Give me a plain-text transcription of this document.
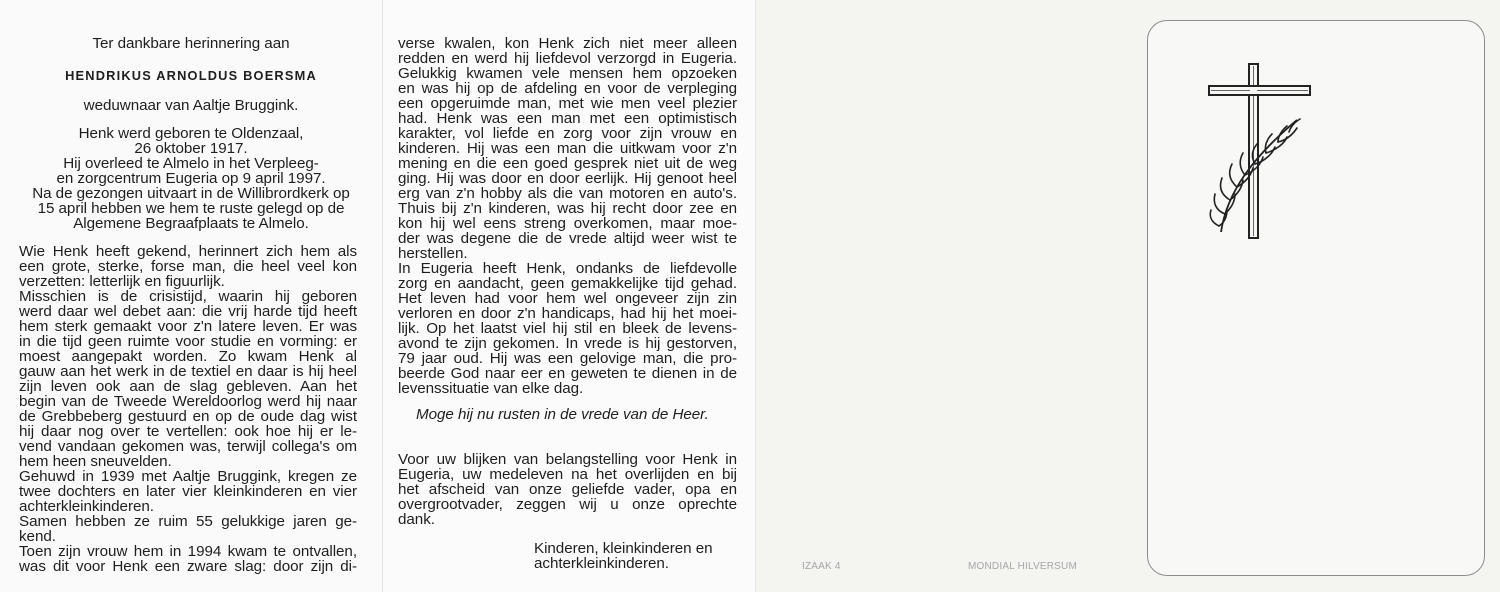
Ter dankbare herinnering aan
HENDRIKUS ARNOLDUS BOERSMA
weduwnaar van Aaltje Bruggink.
Henk werd geboren te Oldenzaal,
26 oktober 1917.
Hij overleed te Almelo in het Verpleeg-
en zorgcentrum Eugeria op 9 april 1997.
Na de gezongen uitvaart in de Willibrordkerk op
15 april hebben we hem te ruste gelegd op de
Algemene Begraafplaats te Almelo.
Wie Henk heeft gekend, herinnert zich hem als
een grote, sterke, forse man, die heel veel kon
verzetten: letterlijk en figuurlijk.
Misschien is de crisistijd, waarin hij geboren
werd daar wel debet aan: die vrij harde tijd heeft
hem sterk gemaakt voor z'n latere leven. Er was
in die tijd geen ruimte voor studie en vorming: er
moest aangepakt worden. Zo kwam Henk al
gauw aan het werk in de textiel en daar is hij heel
zijn leven ook aan de slag gebleven. Aan het
begin van de Tweede Wereldoorlog werd hij naar
de Grebbeberg gestuurd en op de oude dag wist
hij daar nog over te vertellen: ook hoe hij er le-
vend vandaan gekomen was, terwijl collega's om
hem heen sneuvelden.
Gehuwd in 1939 met Aaltje Bruggink, kregen ze
twee dochters en later vier kleinkinderen en vier
achterkleinkinderen.
Samen hebben ze ruim 55 gelukkige jaren ge-
kend.
Toen zijn vrouw hem in 1994 kwam te ontvallen,
was dit voor Henk een zware slag: door zijn di-
verse kwalen, kon Henk zich niet meer alleen
redden en werd hij liefdevol verzorgd in Eugeria.
Gelukkig kwamen vele mensen hem opzoeken
en was hij op de afdeling en voor de verpleging
een opgeruimde man, met wie men veel plezier
had. Henk was een man met een optimistisch
karakter, vol liefde en zorg voor zijn vrouw en
kinderen. Hij was een man die uitkwam voor z'n
mening en die een goed gesprek niet uit de weg
ging. Hij was door en door eerlijk. Hij genoot heel
erg van z'n hobby als die van motoren en auto's.
Thuis bij z'n kinderen, was hij recht door zee en
kon hij wel eens streng overkomen, maar moe-
der was degene die de vrede altijd weer wist te
herstellen.
In Eugeria heeft Henk, ondanks de liefdevolle
zorg en aandacht, geen gemakkelijke tijd gehad.
Het leven had voor hem wel ongeveer zijn zin
verloren en door z'n handicaps, had hij het moei-
lijk. Op het laatst viel hij stil en bleek de levens-
avond te zijn gekomen. In vrede is hij gestorven,
79 jaar oud. Hij was een gelovige man, die pro-
beerde God naar eer en geweten te dienen in de
levenssituatie van elke dag.
Moge hij nu rusten in de vrede van de Heer.
Voor uw blijken van belangstelling voor Henk in
Eugeria, uw medeleven na het overlijden en bij
het afscheid van onze geliefde vader, opa en
overgrootvader, zeggen wij u onze oprechte
dank.
Kinderen, kleinkinderen en
achterkleinkinderen.	IZAAK 4	MONDIAL HILVERSUM
